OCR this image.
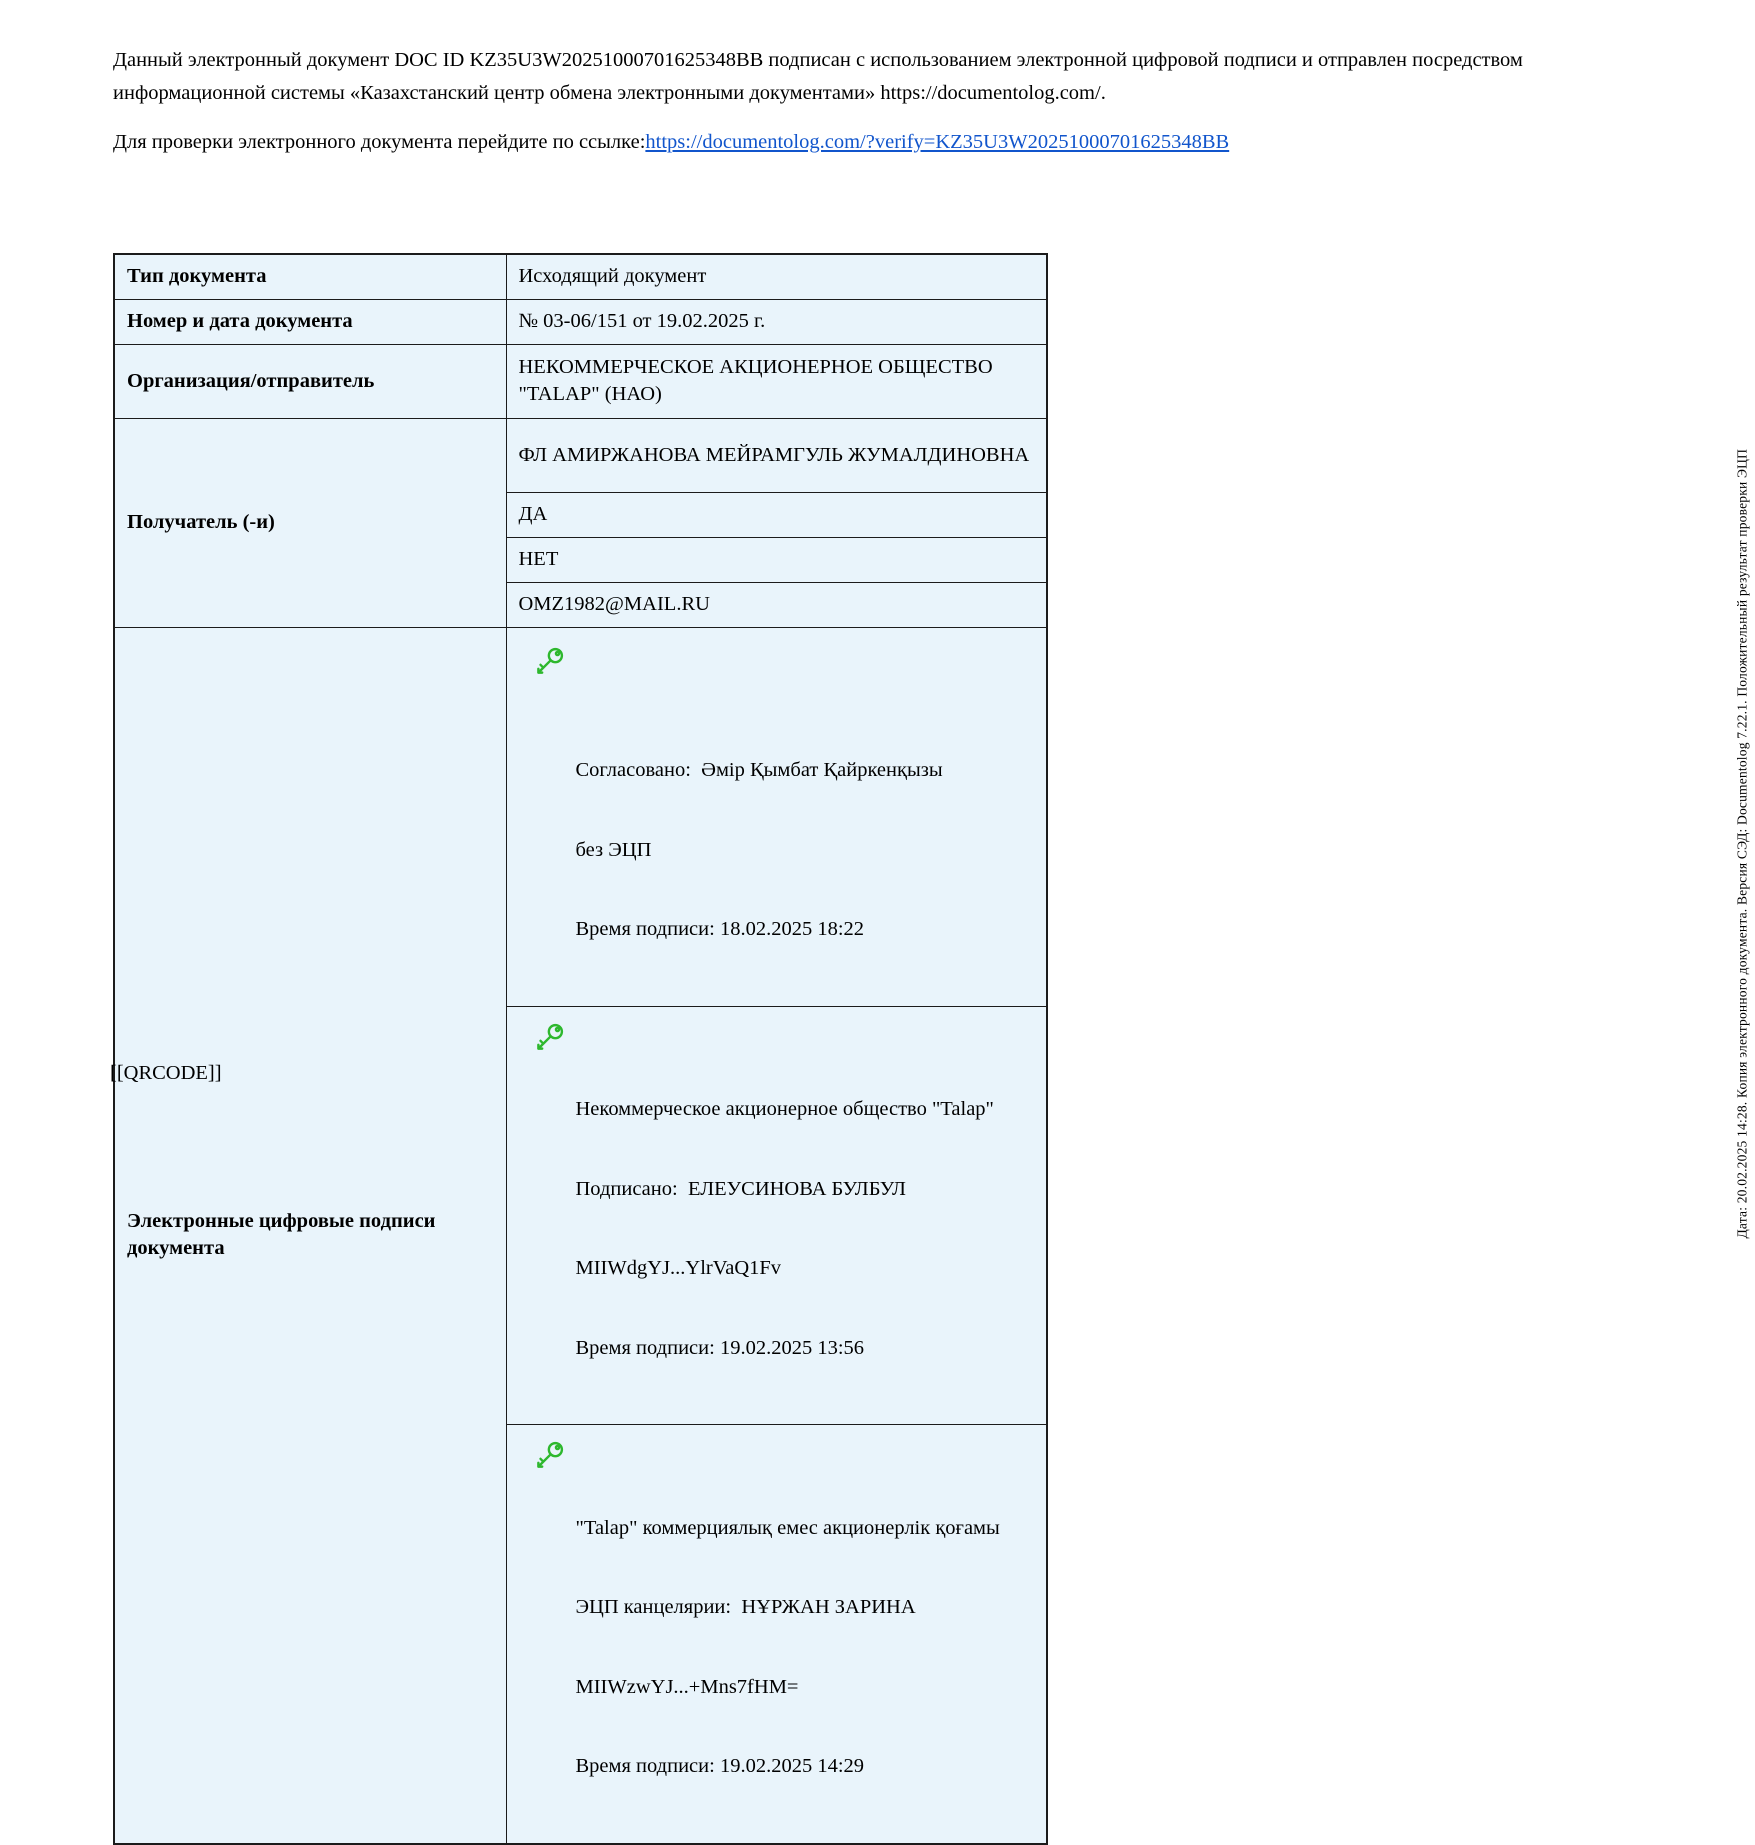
Данный электронный документ DOC ID KZ35U3W20251000701625348BB подписан с использованием электронной цифровой подписи и отправлен посредством информационной системы «Казахстанский центр обмена электронными документами» https://documentolog.com/.
Для проверки электронного документа перейдите по ссылке:https://documentolog.com/?verify=KZ35U3W20251000701625348BB
Тип документа	Исходящий документ
Номер и дата документа	№ 03-06/151 от 19.02.2025 г.
Организация/отправитель	НЕКОММЕРЧЕСКОЕ АКЦИОНЕРНОЕ ОБЩЕСТВО "TALAP" (НАО)
Получатель (-и)	ФЛ АМИРЖАНОВА МЕЙРАМГУЛЬ ЖУМАЛДИНОВНА
	ДА
	НЕТ
	OMZ1982@MAIL.RU
Электронные цифровые подписи документа	Согласовано:  Әмір Қымбат Қайркенқызы

без ЭЦП

Время подписи: 18.02.2025 18:22

	Некоммерческое акционерное общество "Talap"

Подписано:  ЕЛЕУСИНОВА БУЛБУЛ

MIIWdgYJ...YlrVaQ1Fv

Время подписи: 19.02.2025 13:56

	"Talap" коммерциялық емес акционерлік қоғамы

ЭЦП канцелярии:  НҰРЖАН ЗАРИНА

MIIWzwYJ...+Mns7fHM=

Время подписи: 19.02.2025 14:29

[[QRCODE]]	Дата: 20.02.2025 14:28. Копия электронного документа. Версия СЭД: Documentolog 7.22.1. Положительный результат проверки ЭЦП
